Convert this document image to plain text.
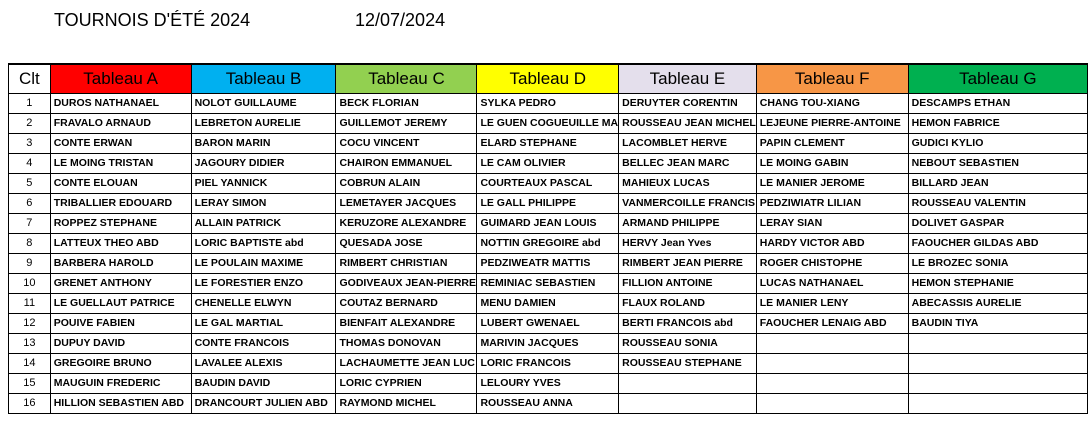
TOURNOIS D'ÉTÉ 2024	12/07/2024
Clt	Tableau A	Tableau B	Tableau C	Tableau D	Tableau E	Tableau F	Tableau G
1	DUROS NATHANAEL	NOLOT GUILLAUME	BECK FLORIAN	SYLKA PEDRO	DERUYTER CORENTIN	CHANG TOU-XIANG	DESCAMPS ETHAN
2	FRAVALO ARNAUD	LEBRETON AURELIE	GUILLEMOT JEREMY	LE GUEN COGUEUILLE MA	ROUSSEAU JEAN MICHEL	LEJEUNE PIERRE-ANTOINE	HEMON FABRICE
3	CONTE ERWAN	BARON MARIN	COCU VINCENT	ELARD STEPHANE	LACOMBLET HERVE	PAPIN CLEMENT	GUDICI KYLIO
4	LE MOING TRISTAN	JAGOURY DIDIER	CHAIRON EMMANUEL	LE CAM OLIVIER	BELLEC JEAN MARC	LE MOING GABIN	NEBOUT SEBASTIEN
5	CONTE ELOUAN	PIEL YANNICK	COBRUN ALAIN	COURTEAUX PASCAL	MAHIEUX LUCAS	LE MANIER JEROME	BILLARD JEAN
6	TRIBALLIER EDOUARD	LERAY SIMON	LEMETAYER JACQUES	LE GALL PHILIPPE	VANMERCOILLE FRANCIS	PEDZIWIATR LILIAN	ROUSSEAU VALENTIN
7	ROPPEZ STEPHANE	ALLAIN PATRICK	KERUZORE ALEXANDRE	GUIMARD JEAN LOUIS	ARMAND PHILIPPE	LERAY SIAN	DOLIVET GASPAR
8	LATTEUX THEO ABD	LORIC BAPTISTE abd	QUESADA JOSE	NOTTIN GREGOIRE abd	HERVY Jean Yves	HARDY VICTOR ABD	FAOUCHER GILDAS ABD
9	BARBERA HAROLD	LE POULAIN MAXIME	RIMBERT CHRISTIAN	PEDZIWEATR MATTIS	RIMBERT JEAN PIERRE	ROGER CHISTOPHE	LE BROZEC SONIA
10	GRENET ANTHONY	LE FORESTIER ENZO	GODIVEAUX JEAN-PIERRE	REMINIAC SEBASTIEN	FILLION ANTOINE	LUCAS NATHANAEL	HEMON STEPHANIE
11	LE GUELLAUT PATRICE	CHENELLE ELWYN	COUTAZ BERNARD	MENU DAMIEN	FLAUX ROLAND	LE MANIER LENY	ABECASSIS AURELIE
12	POUIVE FABIEN	LE GAL MARTIAL	BIENFAIT ALEXANDRE	LUBERT GWENAEL	BERTI FRANCOIS abd	FAOUCHER LENAIG ABD	BAUDIN TIYA
13	DUPUY DAVID	CONTE FRANCOIS	THOMAS DONOVAN	MARIVIN JACQUES	ROUSSEAU SONIA		
14	GREGOIRE BRUNO	LAVALEE ALEXIS	LACHAUMETTE JEAN LUC	LORIC FRANCOIS	ROUSSEAU STEPHANE		
15	MAUGUIN FREDERIC	BAUDIN DAVID	LORIC CYPRIEN	LELOURY YVES			
16	HILLION SEBASTIEN ABD	DRANCOURT JULIEN ABD	RAYMOND MICHEL	ROUSSEAU ANNA			
